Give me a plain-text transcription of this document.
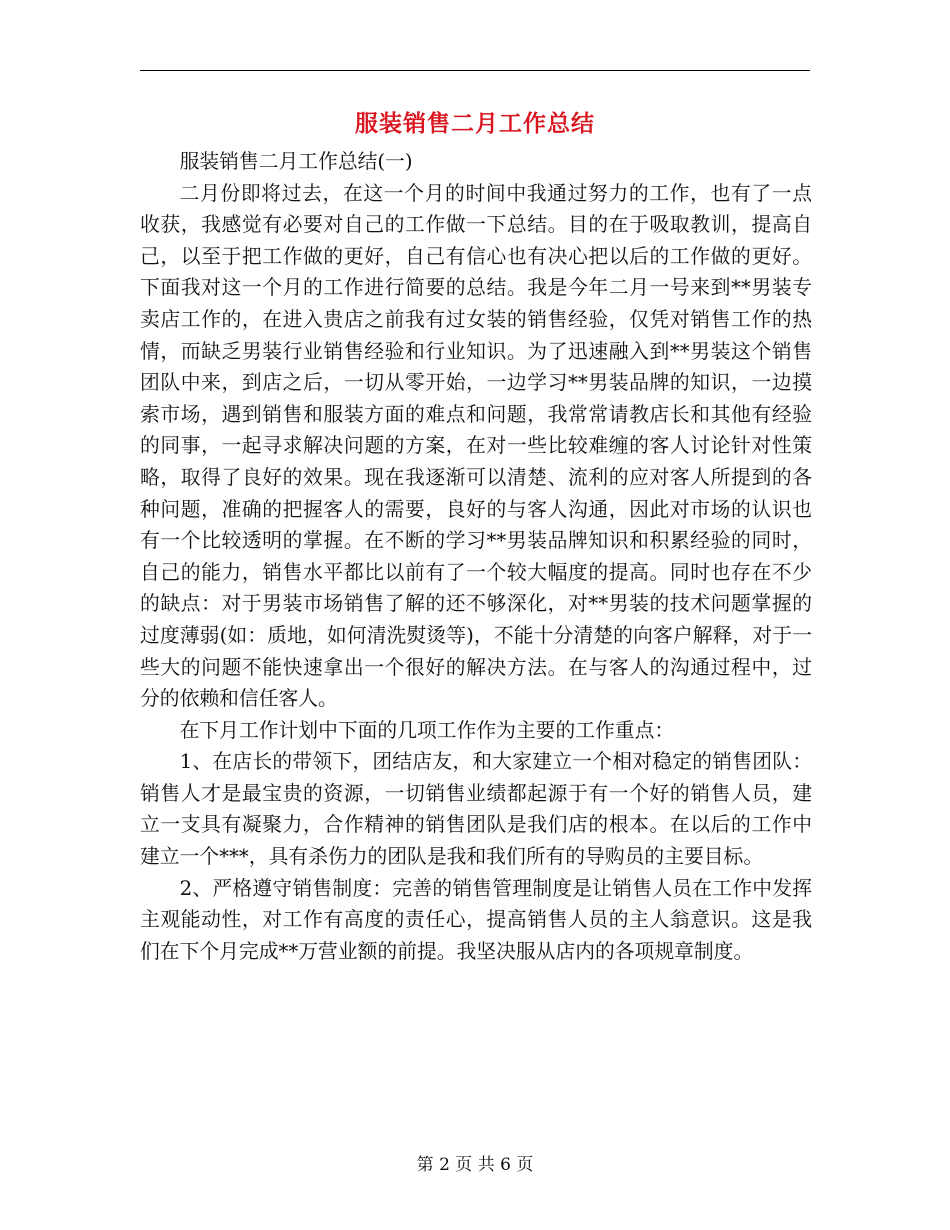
服装销售二月工作总结

服装销售二月工作总结(一)

二月份即将过去，在这一个月的时间中我通过努力的工作，也有了一点收获，我感觉有必要对自己的工作做一下总结。目的在于吸取教训，提高自己，以至于把工作做的更好，自己有信心也有决心把以后的工作做的更好。下面我对这一个月的工作进行简要的总结。我是今年二月一号来到**男装专卖店工作的，在进入贵店之前我有过女装的销售经验，仅凭对销售工作的热情，而缺乏男装行业销售经验和行业知识。为了迅速融入到**男装这个销售团队中来，到店之后，一切从零开始，一边学习**男装品牌的知识，一边摸索市场，遇到销售和服装方面的难点和问题，我常常请教店长和其他有经验的同事，一起寻求解决问题的方案，在对一些比较难缠的客人讨论针对性策略，取得了良好的效果。现在我逐渐可以清楚、流利的应对客人所提到的各种问题，准确的把握客人的需要，良好的与客人沟通，因此对市场的认识也有一个比较透明的掌握。在不断的学习**男装品牌知识和积累经验的同时，自己的能力，销售水平都比以前有了一个较大幅度的提高。同时也存在不少的缺点：对于男装市场销售了解的还不够深化，对**男装的技术问题掌握的过度薄弱(如：质地，如何清洗熨烫等)，不能十分清楚的向客户解释，对于一些大的问题不能快速拿出一个很好的解决方法。在与客人的沟通过程中，过分的依赖和信任客人。

在下月工作计划中下面的几项工作作为主要的工作重点：

1、在店长的带领下，团结店友，和大家建立一个相对稳定的销售团队：销售人才是最宝贵的资源，一切销售业绩都起源于有一个好的销售人员，建立一支具有凝聚力，合作精神的销售团队是我们店的根本。在以后的工作中建立一个***，具有杀伤力的团队是我和我们所有的导购员的主要目标。

2、严格遵守销售制度：完善的销售管理制度是让销售人员在工作中发挥主观能动性，对工作有高度的责任心，提高销售人员的主人翁意识。这是我们在下个月完成**万营业额的前提。我坚决服从店内的各项规章制度。

第 2 页 共 6 页
